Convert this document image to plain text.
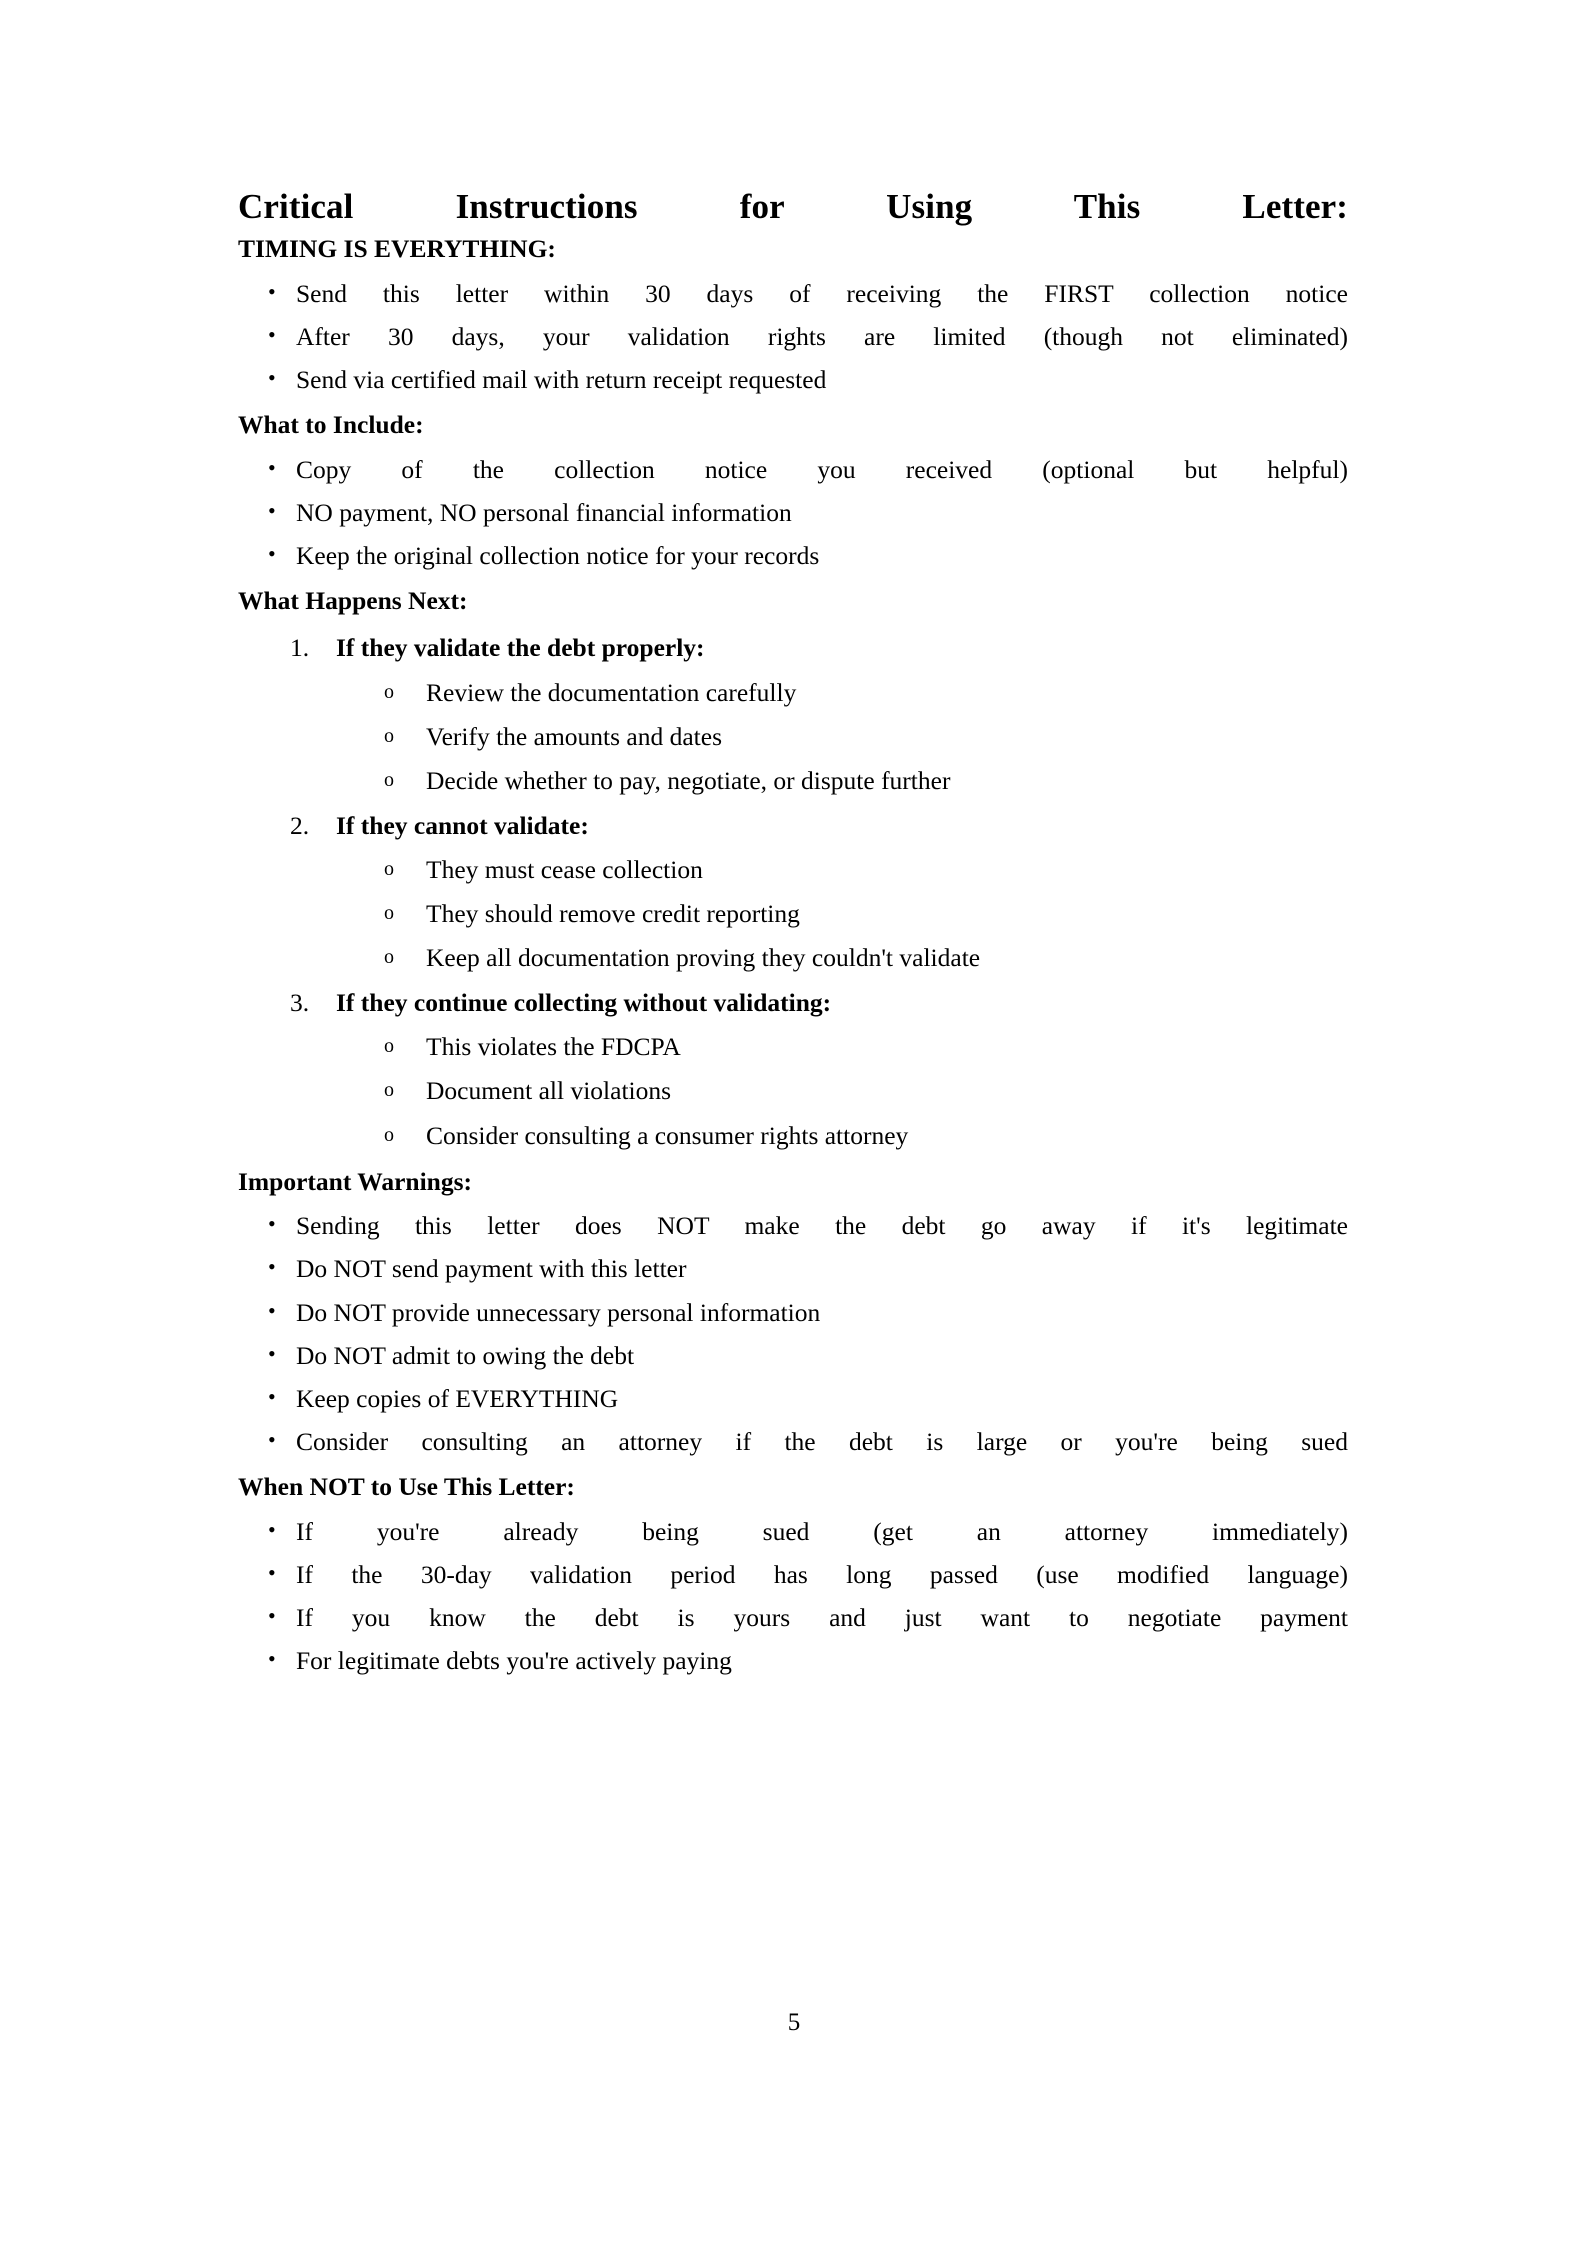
Critical Instructions for Using This Letter:
TIMING IS EVERYTHING:
• Send this letter within 30 days of receiving the FIRST collection notice
• After 30 days, your validation rights are limited (though not eliminated)
• Send via certified mail with return receipt requested
What to Include:
• Copy of the collection notice you received (optional but helpful)
• NO payment, NO personal financial information
• Keep the original collection notice for your records
What Happens Next:
If they validate the debt properly:
o Review the documentation carefully
o Verify the amounts and dates
o Decide whether to pay, negotiate, or dispute further
If they cannot validate:
o They must cease collection
o They should remove credit reporting
o Keep all documentation proving they couldn't validate
If they continue collecting without validating:
o This violates the FDCPA
o Document all violations
o Consider consulting a consumer rights attorney
Important Warnings:
• Sending this letter does NOT make the debt go away if it's legitimate
• Do NOT send payment with this letter
• Do NOT provide unnecessary personal information
• Do NOT admit to owing the debt
• Keep copies of EVERYTHING
• Consider consulting an attorney if the debt is large or you're being sued
When NOT to Use This Letter:
• If you're already being sued (get an attorney immediately)
• If the 30-day validation period has long passed (use modified language)
• If you know the debt is yours and just want to negotiate payment
• For legitimate debts you're actively paying
5
